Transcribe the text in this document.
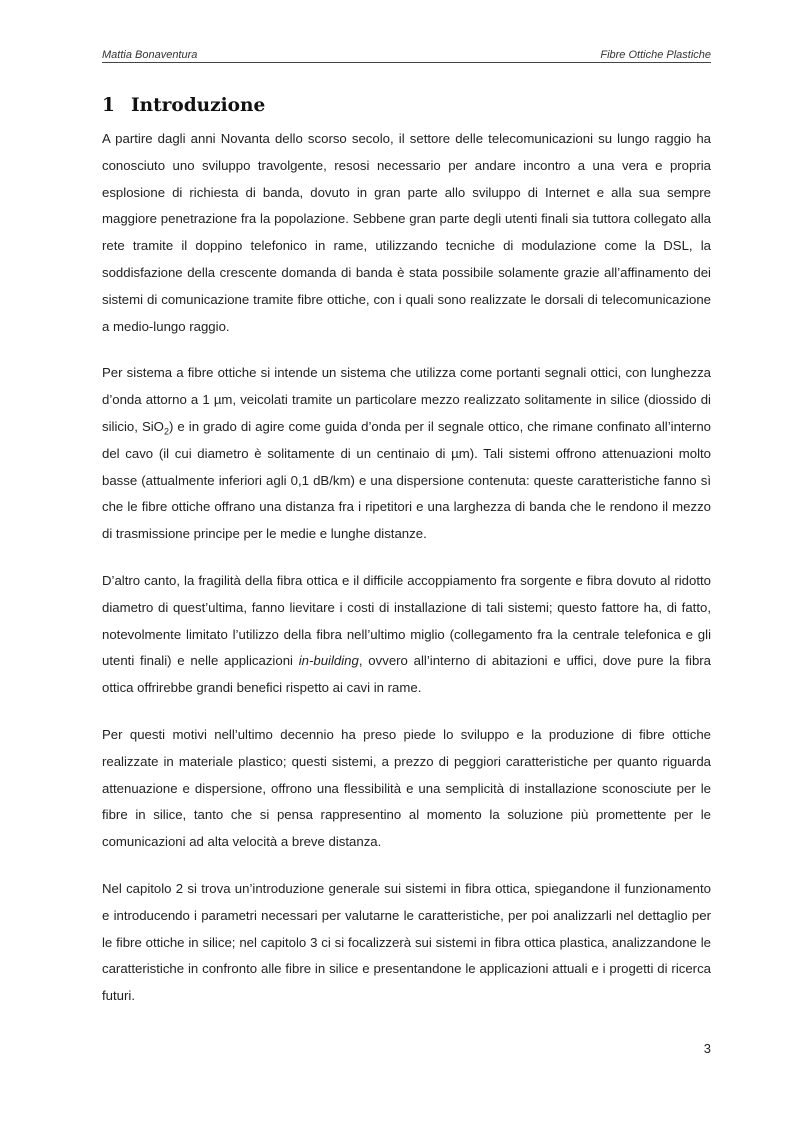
Mattia Bonaventura	Fibre Ottiche Plastiche
1 Introduzione

A partire dagli anni Novanta dello scorso secolo, il settore delle telecomunicazioni su lungo raggio ha conosciuto uno sviluppo travolgente, resosi necessario per andare incontro a una vera e propria esplosione di richiesta di banda, dovuto in gran parte allo sviluppo di Internet e alla sua sempre maggiore penetrazione fra la popolazione. Sebbene gran parte degli utenti finali sia tuttora collegato alla rete tramite il doppino telefonico in rame, utilizzando tecniche di modulazione come la DSL, la soddisfazione della crescente domanda di banda è stata possibile solamente grazie all’affinamento dei sistemi di comunicazione tramite fibre ottiche, con i quali sono realizzate le dorsali di telecomunicazione a medio-lungo raggio.

Per sistema a fibre ottiche si intende un sistema che utilizza come portanti segnali ottici, con lunghezza d’onda attorno a 1 µm, veicolati tramite un particolare mezzo realizzato solitamente in silice (diossido di silicio, SiO$_2$) e in grado di agire come guida d’onda per il segnale ottico, che rimane confinato all’interno del cavo (il cui diametro è solitamente di un centinaio di µm). Tali sistemi offrono attenuazioni molto basse (attualmente inferiori agli 0,1 dB/km) e una dispersione contenuta: queste caratteristiche fanno sì che le fibre ottiche offrano una distanza fra i ripetitori e una larghezza di banda che le rendono il mezzo di trasmissione principe per le medie e lunghe distanze.

D’altro canto, la fragilità della fibra ottica e il difficile accoppiamento fra sorgente e fibra dovuto al ridotto diametro di quest’ultima, fanno lievitare i costi di installazione di tali sistemi; questo fattore ha, di fatto, notevolmente limitato l’utilizzo della fibra nell’ultimo miglio (collegamento fra la centrale telefonica e gli utenti finali) e nelle applicazioni in-building, ovvero all’interno di abitazioni e uffici, dove pure la fibra ottica offrirebbe grandi benefici rispetto ai cavi in rame.

Per questi motivi nell’ultimo decennio ha preso piede lo sviluppo e la produzione di fibre ottiche realizzate in materiale plastico; questi sistemi, a prezzo di peggiori caratteristiche per quanto riguarda attenuazione e dispersione, offrono una flessibilità e una semplicità di installazione sconosciute per le fibre in silice, tanto che si pensa rappresentino al momento la soluzione più promettente per le comunicazioni ad alta velocità a breve distanza.

Nel capitolo 2 si trova un’introduzione generale sui sistemi in fibra ottica, spiegandone il funzionamento e introducendo i parametri necessari per valutarne le caratteristiche, per poi analizzarli nel dettaglio per le fibre ottiche in silice; nel capitolo 3 ci si focalizzerà sui sistemi in fibra ottica plastica, analizzandone le caratteristiche in confronto alle fibre in silice e presentandone le applicazioni attuali e i progetti di ricerca futuri.

3
